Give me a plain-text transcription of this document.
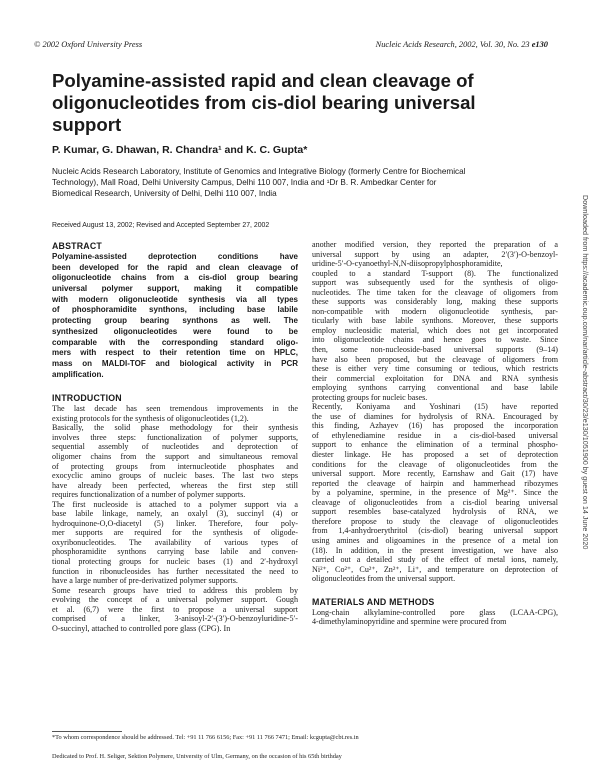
© 2002 Oxford University Press	Nucleic Acids Research, 2002, Vol. 30, No. 23 e130
Polyamine-assisted rapid and clean cleavage of
oligonucleotides from cis-diol bearing universal
support
P. Kumar, G. Dhawan, R. Chandra¹ and K. C. Gupta*
Nucleic Acids Research Laboratory, Institute of Genomics and Integrative Biology (formerly Centre for Biochemical
Technology), Mall Road, Delhi University Campus, Delhi 110 007, India and ¹Dr B. R. Ambedkar Center for
Biomedical Research, University of Delhi, Delhi 110 007, India
Received August 13, 2002; Revised and Accepted September 27, 2002
ABSTRACT
Polyamine-assisted deprotection conditions have
been developed for the rapid and clean cleavage of
oligonucleotide chains from a cis-diol group bearing
universal polymer support, making it compatible
with modern oligonucleotide synthesis via all types
of phosphoramidite synthons, including base labile
protecting group bearing synthons as well. The
synthesized oligonucleotides were found to be
comparable with the corresponding standard oligo-
mers with respect to their retention time on HPLC,
mass on MALDI-TOF and biological activity in PCR
amplification.
INTRODUCTION
The last decade has seen tremendous improvements in the
existing protocols for the synthesis of oligonucleotides (1,2).
Basically, the solid phase methodology for their synthesis
involves three steps: functionalization of polymer supports,
sequential assembly of nucleotides and deprotection of
oligomer chains from the support and simultaneous removal
of protecting groups from internucleotide phosphates and
exocyclic amino groups of nucleic bases. The last two steps
have already been perfected, whereas the first step still
requires functionalization of a number of polymer supports.
The first nucleoside is attached to a polymer support via a
base labile linkage, namely, an oxalyl (3), succinyl (4) or
hydroquinone-O,O-diacetyl (5) linker. Therefore, four poly-
mer supports are required for the synthesis of oligode-
oxyribonucleotides. The availability of various types of
phosphoramidite synthons carrying base labile and conven-
tional protecting groups for nucleic bases (1) and 2′-hydroxyl
function in ribonucleosides has further necessitated the need to
have a large number of pre-derivatized polymer supports.
Some research groups have tried to address this problem by
evolving the concept of a universal polymer support. Gough
et al. (6,7) were the first to propose a universal support
comprised of a linker, 3-anisoyl-2′-(3′)-O-benzoyluridine-5′-
O-succinyl, attached to controlled pore glass (CPG). In
another modified version, they reported the preparation of a
universal support by using an adapter, 2′(3′)-O-benzoyl-
uridine-5′-O-cyanoethyl-N,N-diisopropylphosphoramidite,
coupled to a standard T-support (8). The functionalized
support was subsequently used for the synthesis of oligo-
nucleotides. The time taken for the cleavage of oligomers from
these supports was considerably long, making these supports
non-compatible with modern oligonucleotide synthesis, par-
ticularly with base labile synthons. Moreover, these supports
employ nucleosidic material, which does not get incorporated
into oligonucleotide chains and hence goes to waste. Since
then, some non-nucleoside-based universal supports (9–14)
have also been proposed, but the cleavage of oligomers from
these is either very time consuming or tedious, which restricts
their commercial exploitation for DNA and RNA synthesis
employing synthons carrying conventional and base labile
protecting groups for nucleic bases.
Recently, Koniyama and Yoshinari (15) have reported
the use of diamines for hydrolysis of RNA. Encouraged by
this finding, Azhayev (16) has proposed the incorporation
of ethylenediamine residue in a cis-diol-based universal
support to enhance the elimination of a terminal phospho-
diester linkage. He has proposed a set of deprotection
conditions for the cleavage of oligonucleotides from the
universal support. More recently, Earnshaw and Gait (17) have
reported the cleavage of hairpin and hammerhead ribozymes
by a polyamine, spermine, in the presence of Mg²⁺. Since the
cleavage of oligonucleotides from a cis-diol bearing universal
support resembles base-catalyzed hydrolysis of RNA, we
therefore propose to study the cleavage of oligonucleotides
from 1,4-anhydroerythritol (cis-diol) bearing universal support
using amines and oligoamines in the presence of a metal ion
(18). In addition, in the present investigation, we have also
carried out a detailed study of the effect of metal ions, namely,
Ni²⁺, Co²⁺, Cu²⁺, Zn²⁺, Li⁺, and temperature on deprotection of
oligonucleotides from the universal support.
MATERIALS AND METHODS
Long-chain alkylamine-controlled pore glass (LCAA-CPG),
4-dimethylaminopyridine and spermine were procured from
*To whom correspondence should be addressed. Tel: +91 11 766 6156; Fax: +91 11 766 7471; Email: kcgupta@cbt.res.in
Dedicated to Prof. H. Seliger, Sektion Polymere, University of Ulm, Germany, on the occasion of his 65th birthday
Downloaded from https://academic.oup.com/nar/article-abstract/30/23/e130/1051900 by guest on 14 June 2020
